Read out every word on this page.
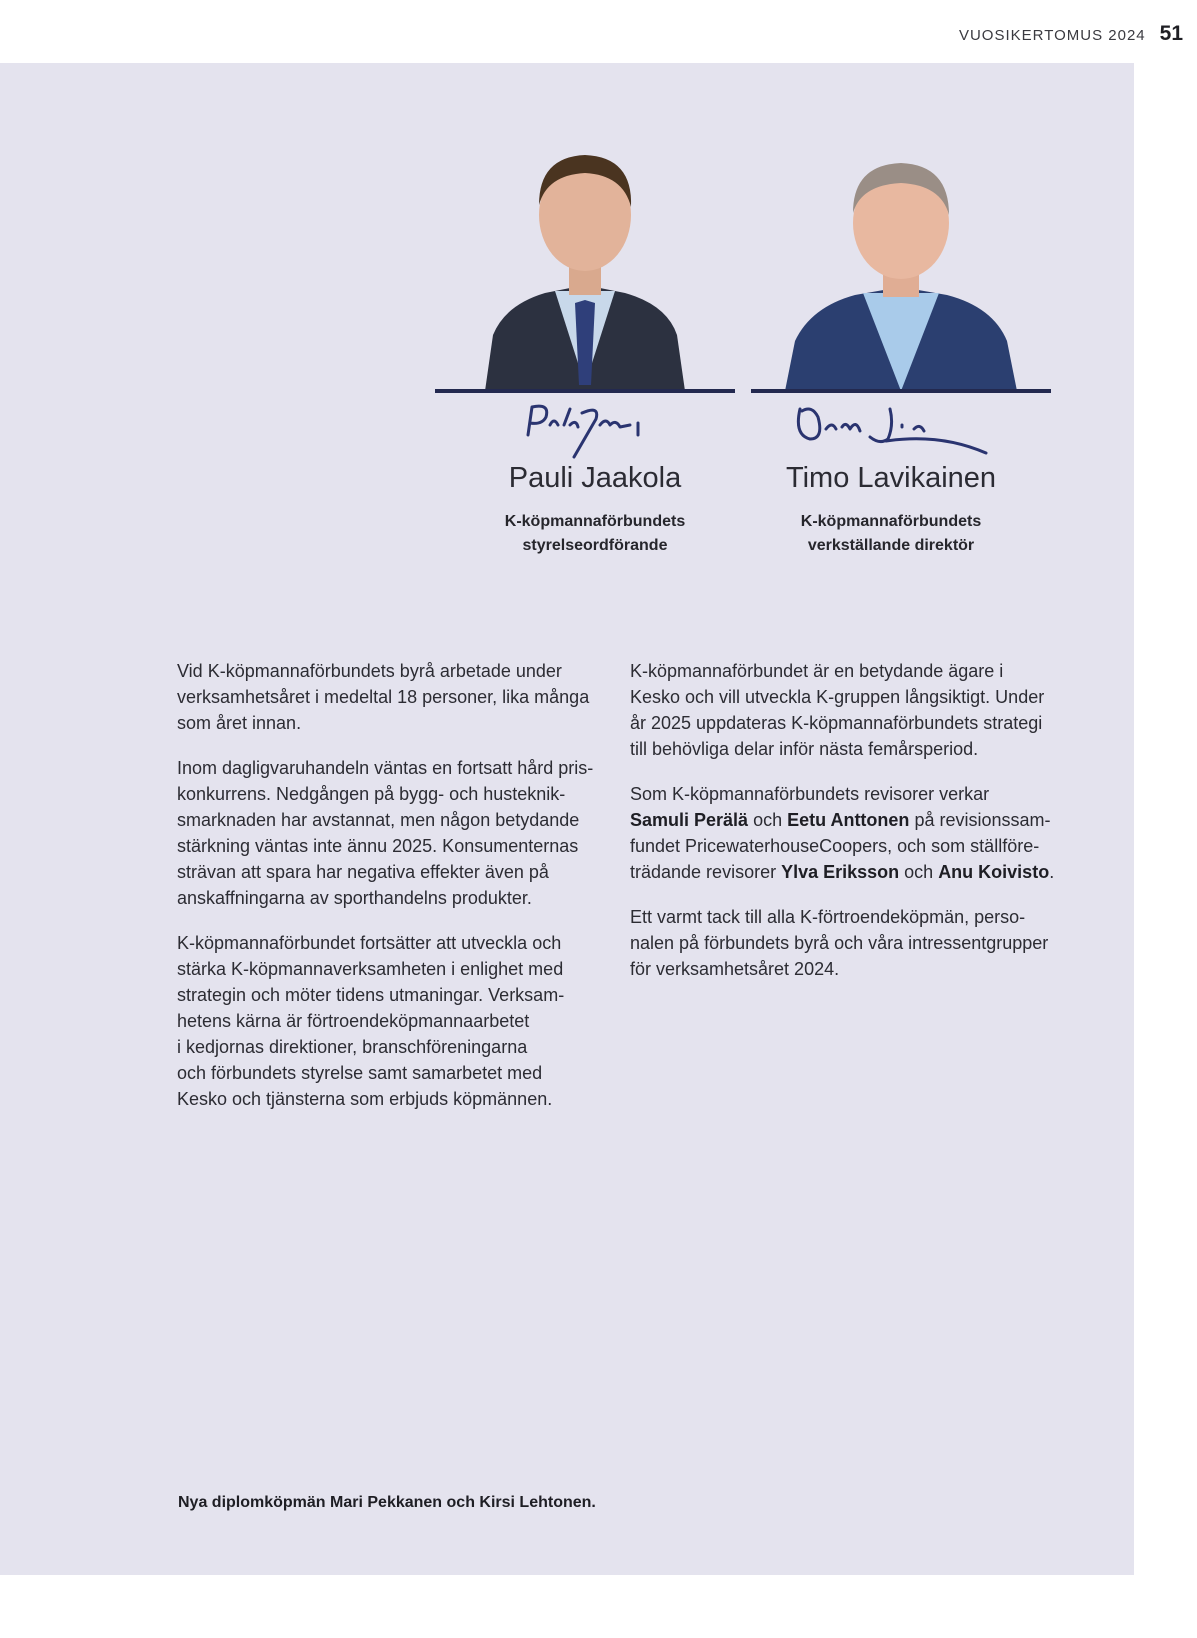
VUOSIKERTOMUS 2024 51
Pauli Jaakola
K-köpmannaförbundets
styrelseordförande
Timo Lavikainen
K-köpmannaförbundets
verkställande direktör

Vid K-köpmannaförbundets byrå arbetade under
verksamhetsåret i medeltal 18 personer, lika många
som året innan.

Inom dagligvaruhandeln väntas en fortsatt hård pris-
konkurrens. Nedgången på bygg- och husteknik-
smarknaden har avstannat, men någon betydande
stärkning väntas inte ännu 2025. Konsumenternas
strävan att spara har negativa effekter även på
anskaffningarna av sporthandelns produkter.

K-köpmannaförbundet fortsätter att utveckla och
stärka K-köpmannaverksamheten i enlighet med
strategin och möter tidens utmaningar. Verksam-
hetens kärna är förtroendeköpmannaarbetet
i kedjornas direktioner, branschföreningarna
och förbundets styrelse samt samarbetet med
Kesko och tjänsterna som erbjuds köpmännen.

K-köpmannaförbundet är en betydande ägare i
Kesko och vill utveckla K-gruppen långsiktigt. Under
år 2025 uppdateras K-köpmannaförbundets strategi
till behövliga delar inför nästa femårsperiod.

Som K-köpmannaförbundets revisorer verkar
Samuli Perälä och Eetu Anttonen på revisionssam-
fundet PricewaterhouseCoopers, och som ställföre-
trädande revisorer Ylva Eriksson och Anu Koivisto.

Ett varmt tack till alla K-förtroendeköpmän, perso-
nalen på förbundets byrå och våra intressentgrupper
för verksamhetsåret 2024.

Nya diplomköpmän Mari Pekkanen och Kirsi Lehtonen.
